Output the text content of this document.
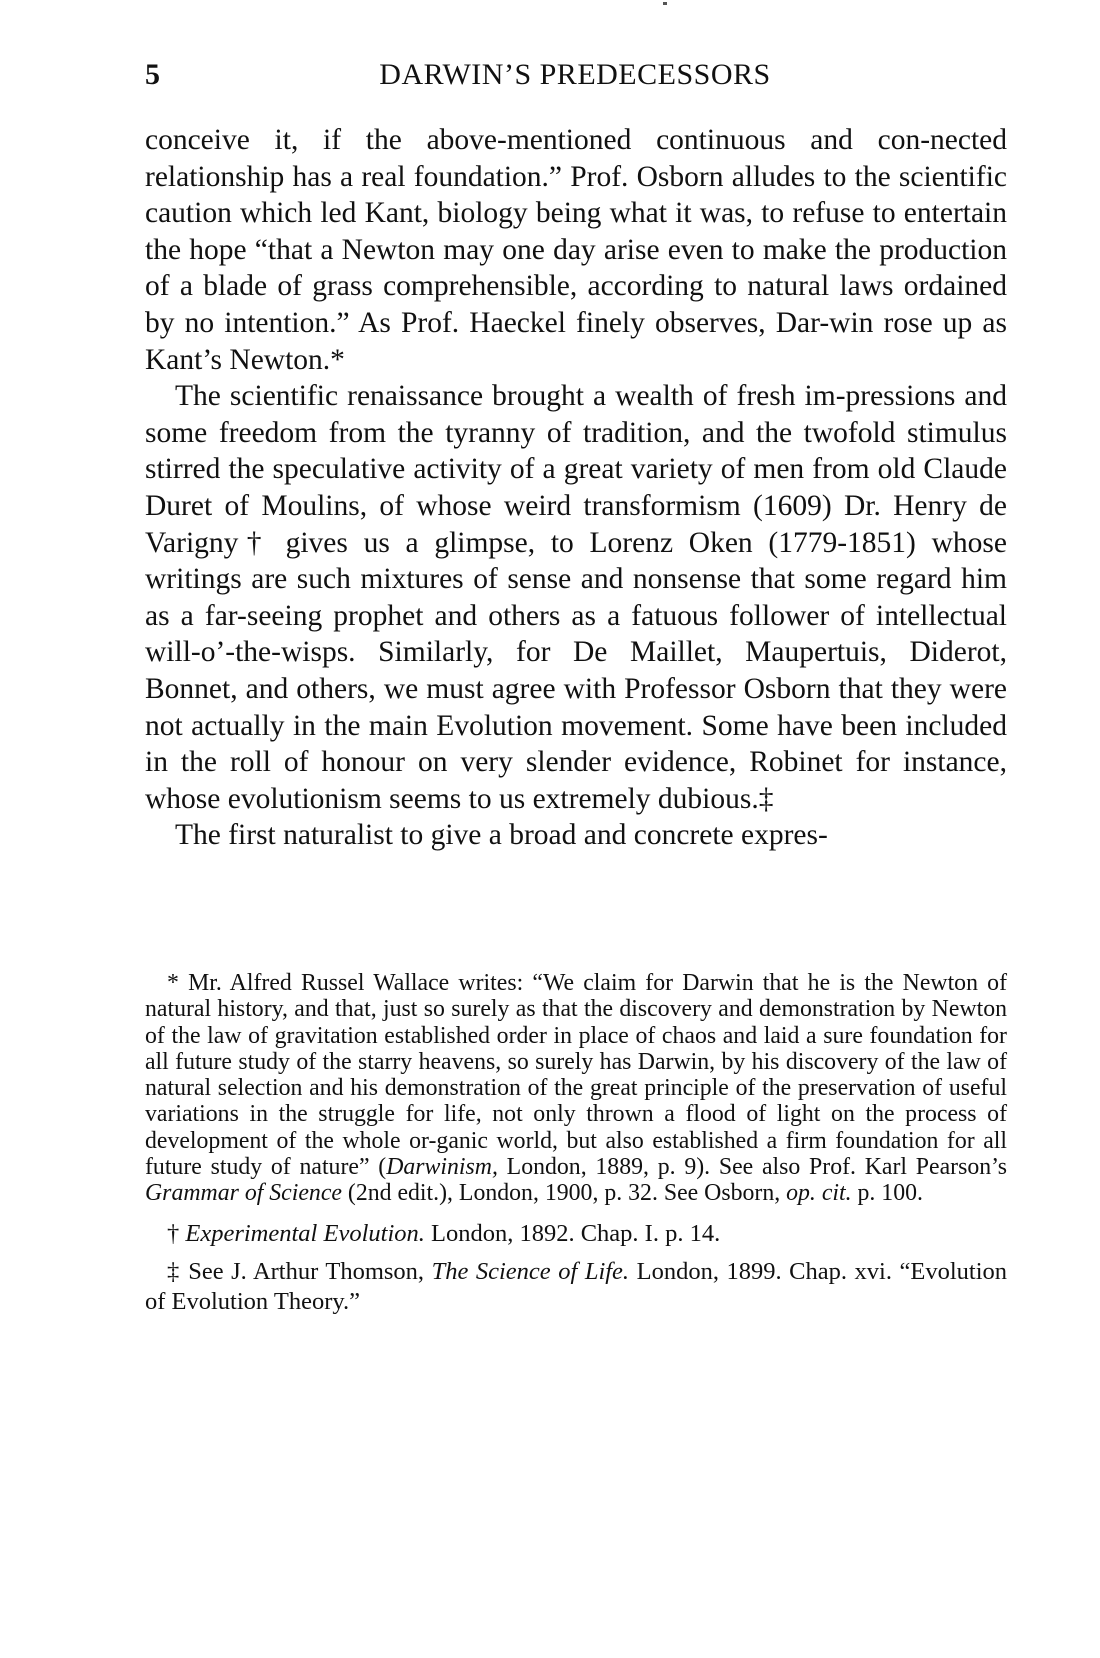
5	DARWIN’S PREDECESSORS

conceive it, if the above-mentioned continuous and con-nected relationship has a real foundation.” Prof. Osborn alludes to the scientific caution which led Kant, biology being what it was, to refuse to entertain the hope “that a Newton may one day arise even to make the production of a blade of grass comprehensible, according to natural laws ordained by no intention.” As Prof. Haeckel finely observes, Dar-win rose up as Kant’s Newton.*

The scientific renaissance brought a wealth of fresh im-pressions and some freedom from the tyranny of tradition, and the twofold stimulus stirred the speculative activity of a great variety of men from old Claude Duret of Moulins, of whose weird transformism (1609) Dr. Henry de Varigny† gives us a glimpse, to Lorenz Oken (1779-1851) whose writings are such mixtures of sense and nonsense that some regard him as a far-seeing prophet and others as a fatuous follower of intellectual will-o’-the-wisps. Similarly, for De Maillet, Maupertuis, Diderot, Bonnet, and others, we must agree with Professor Osborn that they were not actually in the main Evolution movement. Some have been included in the roll of honour on very slender evidence, Robinet for instance, whose evolutionism seems to us extremely dubious.‡

The first naturalist to give a broad and concrete expres-

* Mr. Alfred Russel Wallace writes: “We claim for Darwin that he is the Newton of natural history, and that, just so surely as that the discovery and demonstration by Newton of the law of gravitation established order in place of chaos and laid a sure foundation for all future study of the starry heavens, so surely has Darwin, by his discovery of the law of natural selection and his demonstration of the great principle of the preservation of useful variations in the struggle for life, not only thrown a flood of light on the process of development of the whole or-ganic world, but also established a firm foundation for all future study of nature” (Darwinism, London, 1889, p. 9). See also Prof. Karl Pearson’s Grammar of Science (2nd edit.), London, 1900, p. 32. See Osborn, op. cit. p. 100.

† Experimental Evolution. London, 1892. Chap. I. p. 14.

‡ See J. Arthur Thomson, The Science of Life. London, 1899. Chap. xvi. “Evolution of Evolution Theory.”
